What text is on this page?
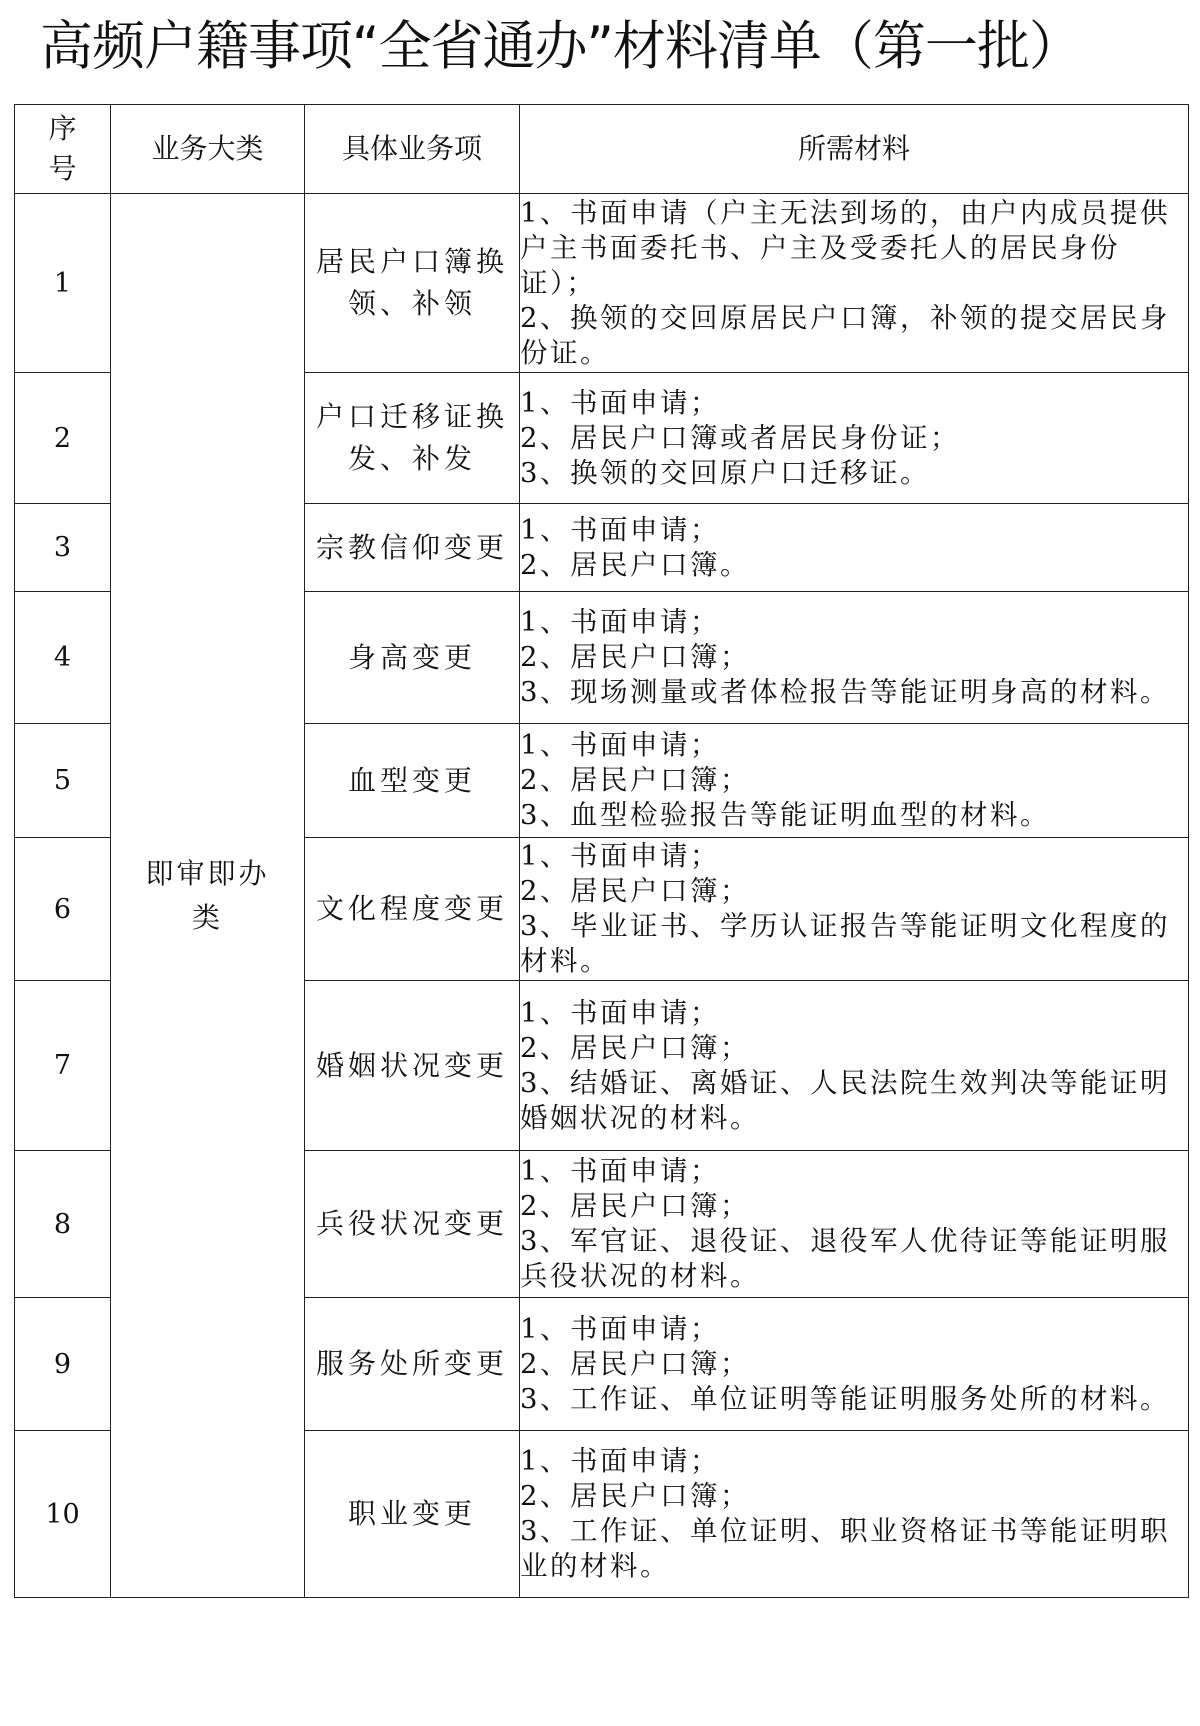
高频户籍事项“全省通办”材料清单（第一批）
序
号	业务大类	具体业务项	所需材料
1	即审即办类	居民户口簿换领、补领	1、书面申请（户主无法到场的，由户内成员提供户主书面委托书、户主及受委托人的居民身份证）；
2、换领的交回原居民户口簿，补领的提交居民身份证。

2		户口迁移证换发、补发	1、书面申请；
2、居民户口簿或者居民身份证；
3、换领的交回原户口迁移证。

3		宗教信仰变更	1、书面申请；
2、居民户口簿。

4		身高变更	1、书面申请；
2、居民户口簿；
3、现场测量或者体检报告等能证明身高的材料。

5		血型变更	1、书面申请；
2、居民户口簿；
3、血型检验报告等能证明血型的材料。

6		文化程度变更	1、书面申请；
2、居民户口簿；
3、毕业证书、学历认证报告等能证明文化程度的材料。

7		婚姻状况变更	1、书面申请；
2、居民户口簿；
3、结婚证、离婚证、人民法院生效判决等能证明婚姻状况的材料。

8		兵役状况变更	1、书面申请；
2、居民户口簿；
3、军官证、退役证、退役军人优待证等能证明服兵役状况的材料。

9		服务处所变更	1、书面申请；
2、居民户口簿；
3、工作证、单位证明等能证明服务处所的材料。

10		职业变更	1、书面申请；
2、居民户口簿；
3、工作证、单位证明、职业资格证书等能证明职业的材料。
